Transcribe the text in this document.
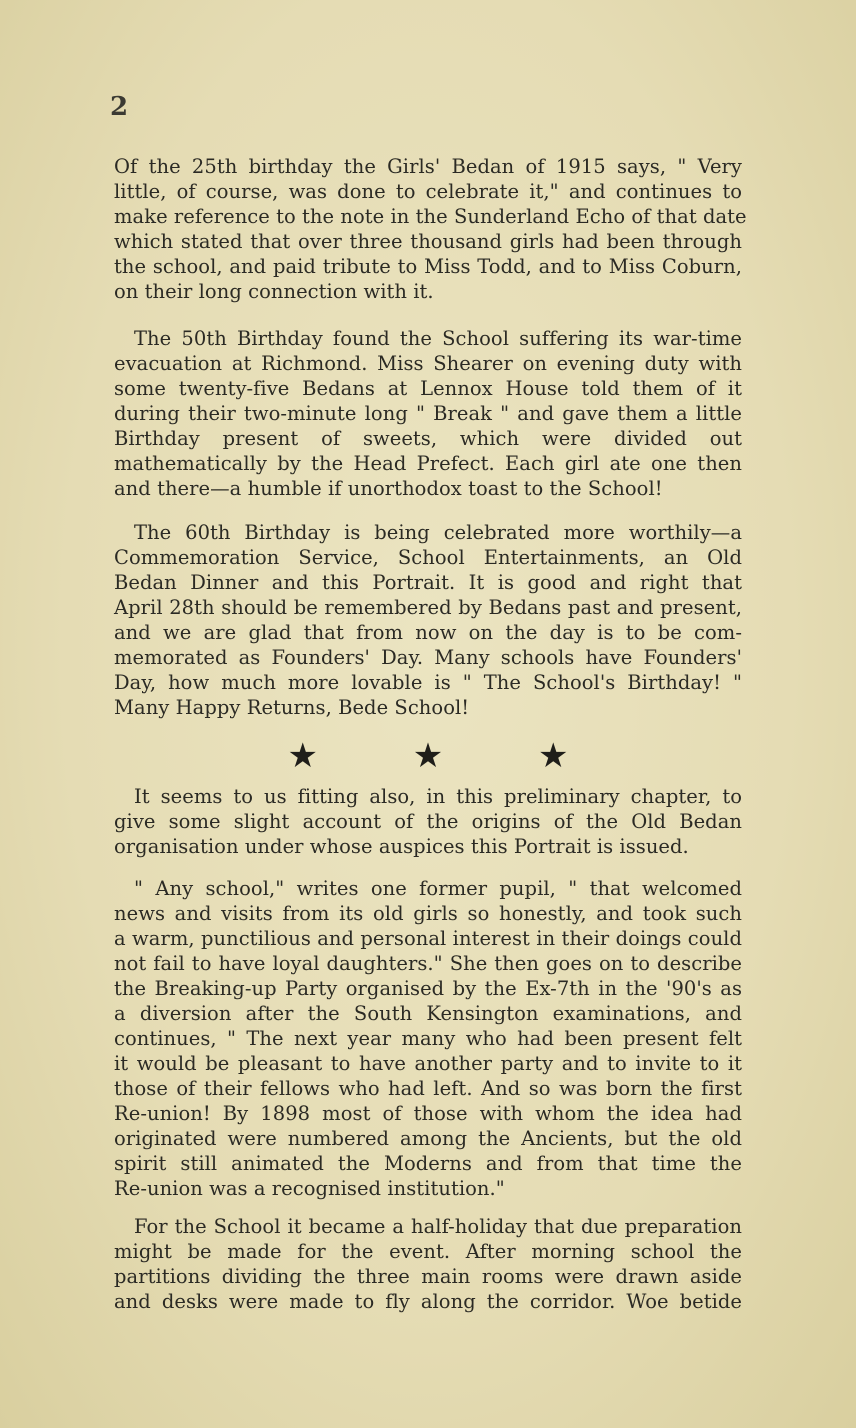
2
Of the 25th birthday the Girls' Bedan of 1915 says, " Very
little, of course, was done to celebrate it," and continues to
make reference to the note in the Sunderland Echo of that date
which stated that over three thousand girls had been through
the school, and paid tribute to Miss Todd, and to Miss Coburn,
on their long connection with it.
The 50th Birthday found the School suffering its war-time
evacuation at Richmond. Miss Shearer on evening duty with
some twenty-five Bedans at Lennox House told them of it
during their two-minute long " Break " and gave them a little
Birthday present of sweets, which were divided out
mathematically by the Head Prefect. Each girl ate one then
and there—a humble if unorthodox toast to the School!
The 60th Birthday is being celebrated more worthily—a
Commemoration Service, School Entertainments, an Old
Bedan Dinner and this Portrait. It is good and right that
April 28th should be remembered by Bedans past and present,
and we are glad that from now on the day is to be com-
memorated as Founders' Day. Many schools have Founders'
Day, how much more lovable is " The School's Birthday! "
Many Happy Returns, Bede School!
★ ★ ★
It seems to us fitting also, in this preliminary chapter, to
give some slight account of the origins of the Old Bedan
organisation under whose auspices this Portrait is issued.
" Any school," writes one former pupil, " that welcomed
news and visits from its old girls so honestly, and took such
a warm, punctilious and personal interest in their doings could
not fail to have loyal daughters." She then goes on to describe
the Breaking-up Party organised by the Ex-7th in the '90's as
a diversion after the South Kensington examinations, and
continues, " The next year many who had been present felt
it would be pleasant to have another party and to invite to it
those of their fellows who had left. And so was born the first
Re-union! By 1898 most of those with whom the idea had
originated were numbered among the Ancients, but the old
spirit still animated the Moderns and from that time the
Re-union was a recognised institution."
For the School it became a half-holiday that due preparation
might be made for the event. After morning school the
partitions dividing the three main rooms were drawn aside
and desks were made to fly along the corridor. Woe betide
